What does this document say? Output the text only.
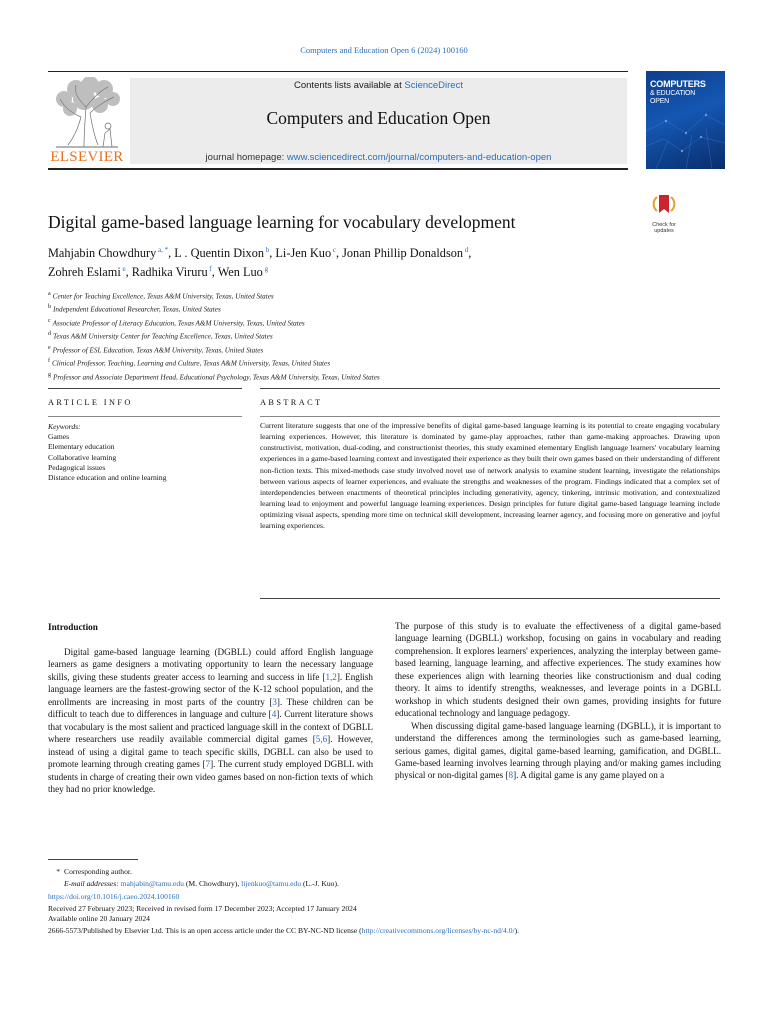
Computers and Education Open 6 (2024) 100160
Contents lists available at ScienceDirect
Computers and Education Open
journal homepage: www.sciencedirect.com/journal/computers-and-education-open
ELSEVIER
COMPUTERS
& EDUCATION
OPEN
Digital game-based language learning for vocabulary development	Check for
updates
Mahjabin Chowdhury $^{a, *}$, L . Quentin Dixon $^b$, Li-Jen Kuo $^c$, Jonan Phillip Donaldson $^d$,
Zohreh Eslami $^e$, Radhika Viruru $^f$, Wen Luo $^g$
$^a$ Center for Teaching Excellence, Texas A&M University, Texas, United States
$^b$ Independent Educational Researcher, Texas, United States
$^c$ Associate Professor of Literacy Education, Texas A&M University, Texas, United States
$^d$ Texas A&M University Center for Teaching Excellence, Texas, United States
$^e$ Professor of ESL Education, Texas A&M University, Texas, United States
$^f$ Clinical Professor, Teaching, Learning and Culture, Texas A&M University, Texas, United States
$^g$ Professor and Associate Department Head, Educational Psychology, Texas A&M University, Texas, United States
ARTICLE INFO	ABSTRACT
Keywords:
Games
Elementary education
Collaborative learning
Pedagogical issues
Distance education and online learning
Current literature suggests that one of the impressive benefits of digital game-based language learning is its potential to create engaging vocabulary learning experiences. However, this literature is dominated by game-play approaches, rather than game-making approaches. Drawing upon constructivist, motivation, dual-coding, and constructionist theories, this study examined elementary English language learners' vocabulary learning experiences in a game-based learning context and investigated their experience as they built their own games based on their understanding of different non-fiction texts. This mixed-methods case study involved novel use of network analysis to examine student learning, investigate the relationships between various aspects of learner experiences, and evaluate the strengths and weaknesses of the program. Findings indicated that a complex set of interdependencies between enactments of theoretical principles including generativity, agency, tinkering, intrinsic motivation, and contextualized learning lead to enjoyment and powerful language learning experiences. Design principles for future digital game-based language learning include optimizing visual aspects, spending more time on technical skill development, increasing learner agency, and focusing more on generative and joyful learning experiences.
Introduction

Digital game-based language learning (DGBLL) could afford English language learners as game designers a motivating opportunity to learn the necessary language skills, giving these students greater access to learning and success in life [1,2]. English language learners are the fastest-growing sector of the K-12 school population, and the enrollments are increasing in most parts of the country [3]. These children can be difficult to teach due to differences in language and culture [4]. Current literature shows that vocabulary is the most salient and practiced language skill in the context of DGBLL where researchers use readily available commercial digital games [5,6]. However, instead of using a digital game to teach specific skills, DGBLL can also be used to promote learning through creating games [7]. The current study employed DGBLL with students in charge of creating their own video games based on non-fiction texts of which they had no prior knowledge.

The purpose of this study is to evaluate the effectiveness of a digital game-based language learning (DGBLL) workshop, focusing on gains in vocabulary and reading comprehension. It explores learners' experiences, analyzing the interplay between game-based learning, language learning, and affective experiences. The study examines how these experiences align with learning theories like constructionism and dual coding theory. It aims to identify strengths, weaknesses, and leverage points in a DGBLL workshop in which students designed their own games, providing insights for future educational technology and language pedagogy.

When discussing digital game-based language learning (DGBLL), it is important to understand the differences among the terminologies such as game-based learning, serious games, digital games, digital game-based learning, gamification, and DGBLL. Game-based learning involves learning through playing and/or making games including physical or non-digital games [8]. A digital game is any game played on a

* Corresponding author.
E-mail addresses: mahjabin@tamu.edu (M. Chowdhury), lijenkuo@tamu.edu (L.-J. Kuo).
https://doi.org/10.1016/j.caeo.2024.100160
Received 27 February 2023; Received in revised form 17 December 2023; Accepted 17 January 2024
Available online 20 January 2024
2666-5573/Published by Elsevier Ltd. This is an open access article under the CC BY-NC-ND license (http://creativecommons.org/licenses/by-nc-nd/4.0/).
